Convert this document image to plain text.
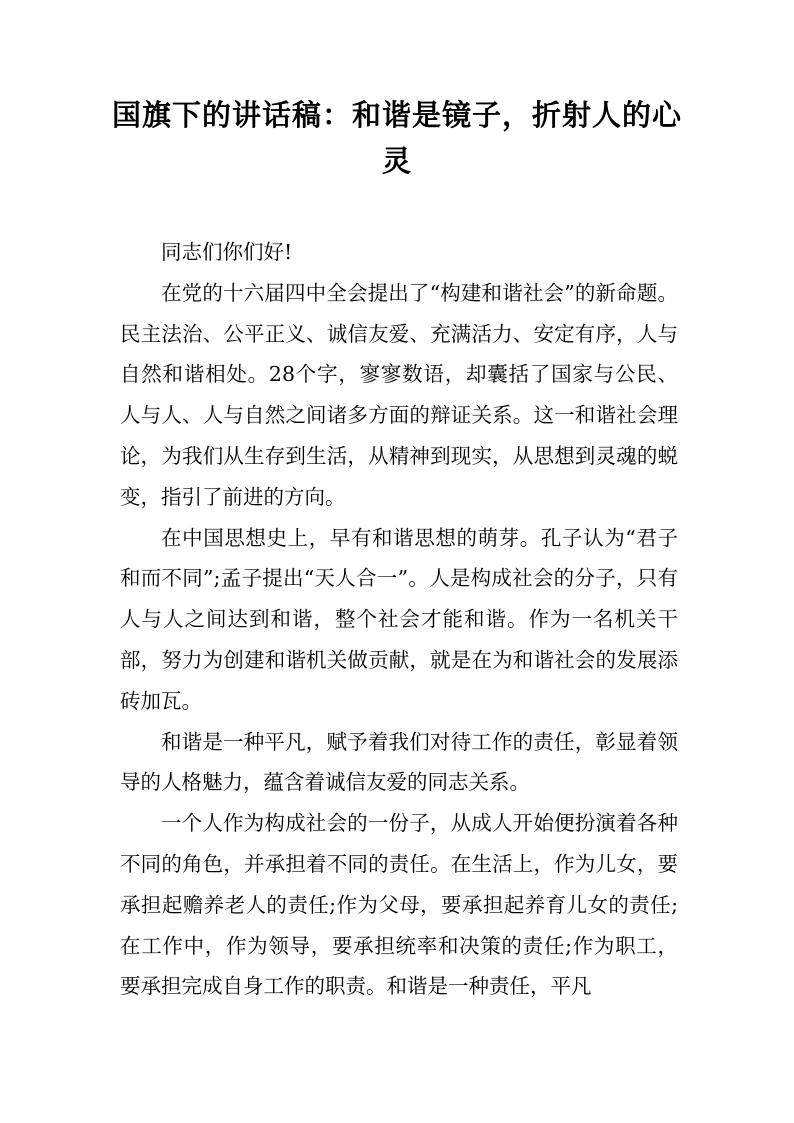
国旗下的讲话稿：和谐是镜子，折射人的心灵

同志们你们好!

在党的十六届四中全会提出了“构建和谐社会”的新命题。民主法治、公平正义、诚信友爱、充满活力、安定有序，人与自然和谐相处。28个字，寥寥数语，却囊括了国家与公民、人与人、人与自然之间诸多方面的辩证关系。这一和谐社会理论，为我们从生存到生活，从精神到现实，从思想到灵魂的蜕变，指引了前进的方向。

在中国思想史上，早有和谐思想的萌芽。孔子认为“君子和而不同”;孟子提出“天人合一”。人是构成社会的分子，只有人与人之间达到和谐，整个社会才能和谐。作为一名机关干部，努力为创建和谐机关做贡献，就是在为和谐社会的发展添砖加瓦。

和谐是一种平凡，赋予着我们对待工作的责任，彰显着领导的人格魅力，蕴含着诚信友爱的同志关系。

一个人作为构成社会的一份子，从成人开始便扮演着各种不同的角色，并承担着不同的责任。在生活上，作为儿女，要承担起赡养老人的责任;作为父母，要承担起养育儿女的责任;在工作中，作为领导，要承担统率和决策的责任;作为职工，要承担完成自身工作的职责。和谐是一种责任，平凡
